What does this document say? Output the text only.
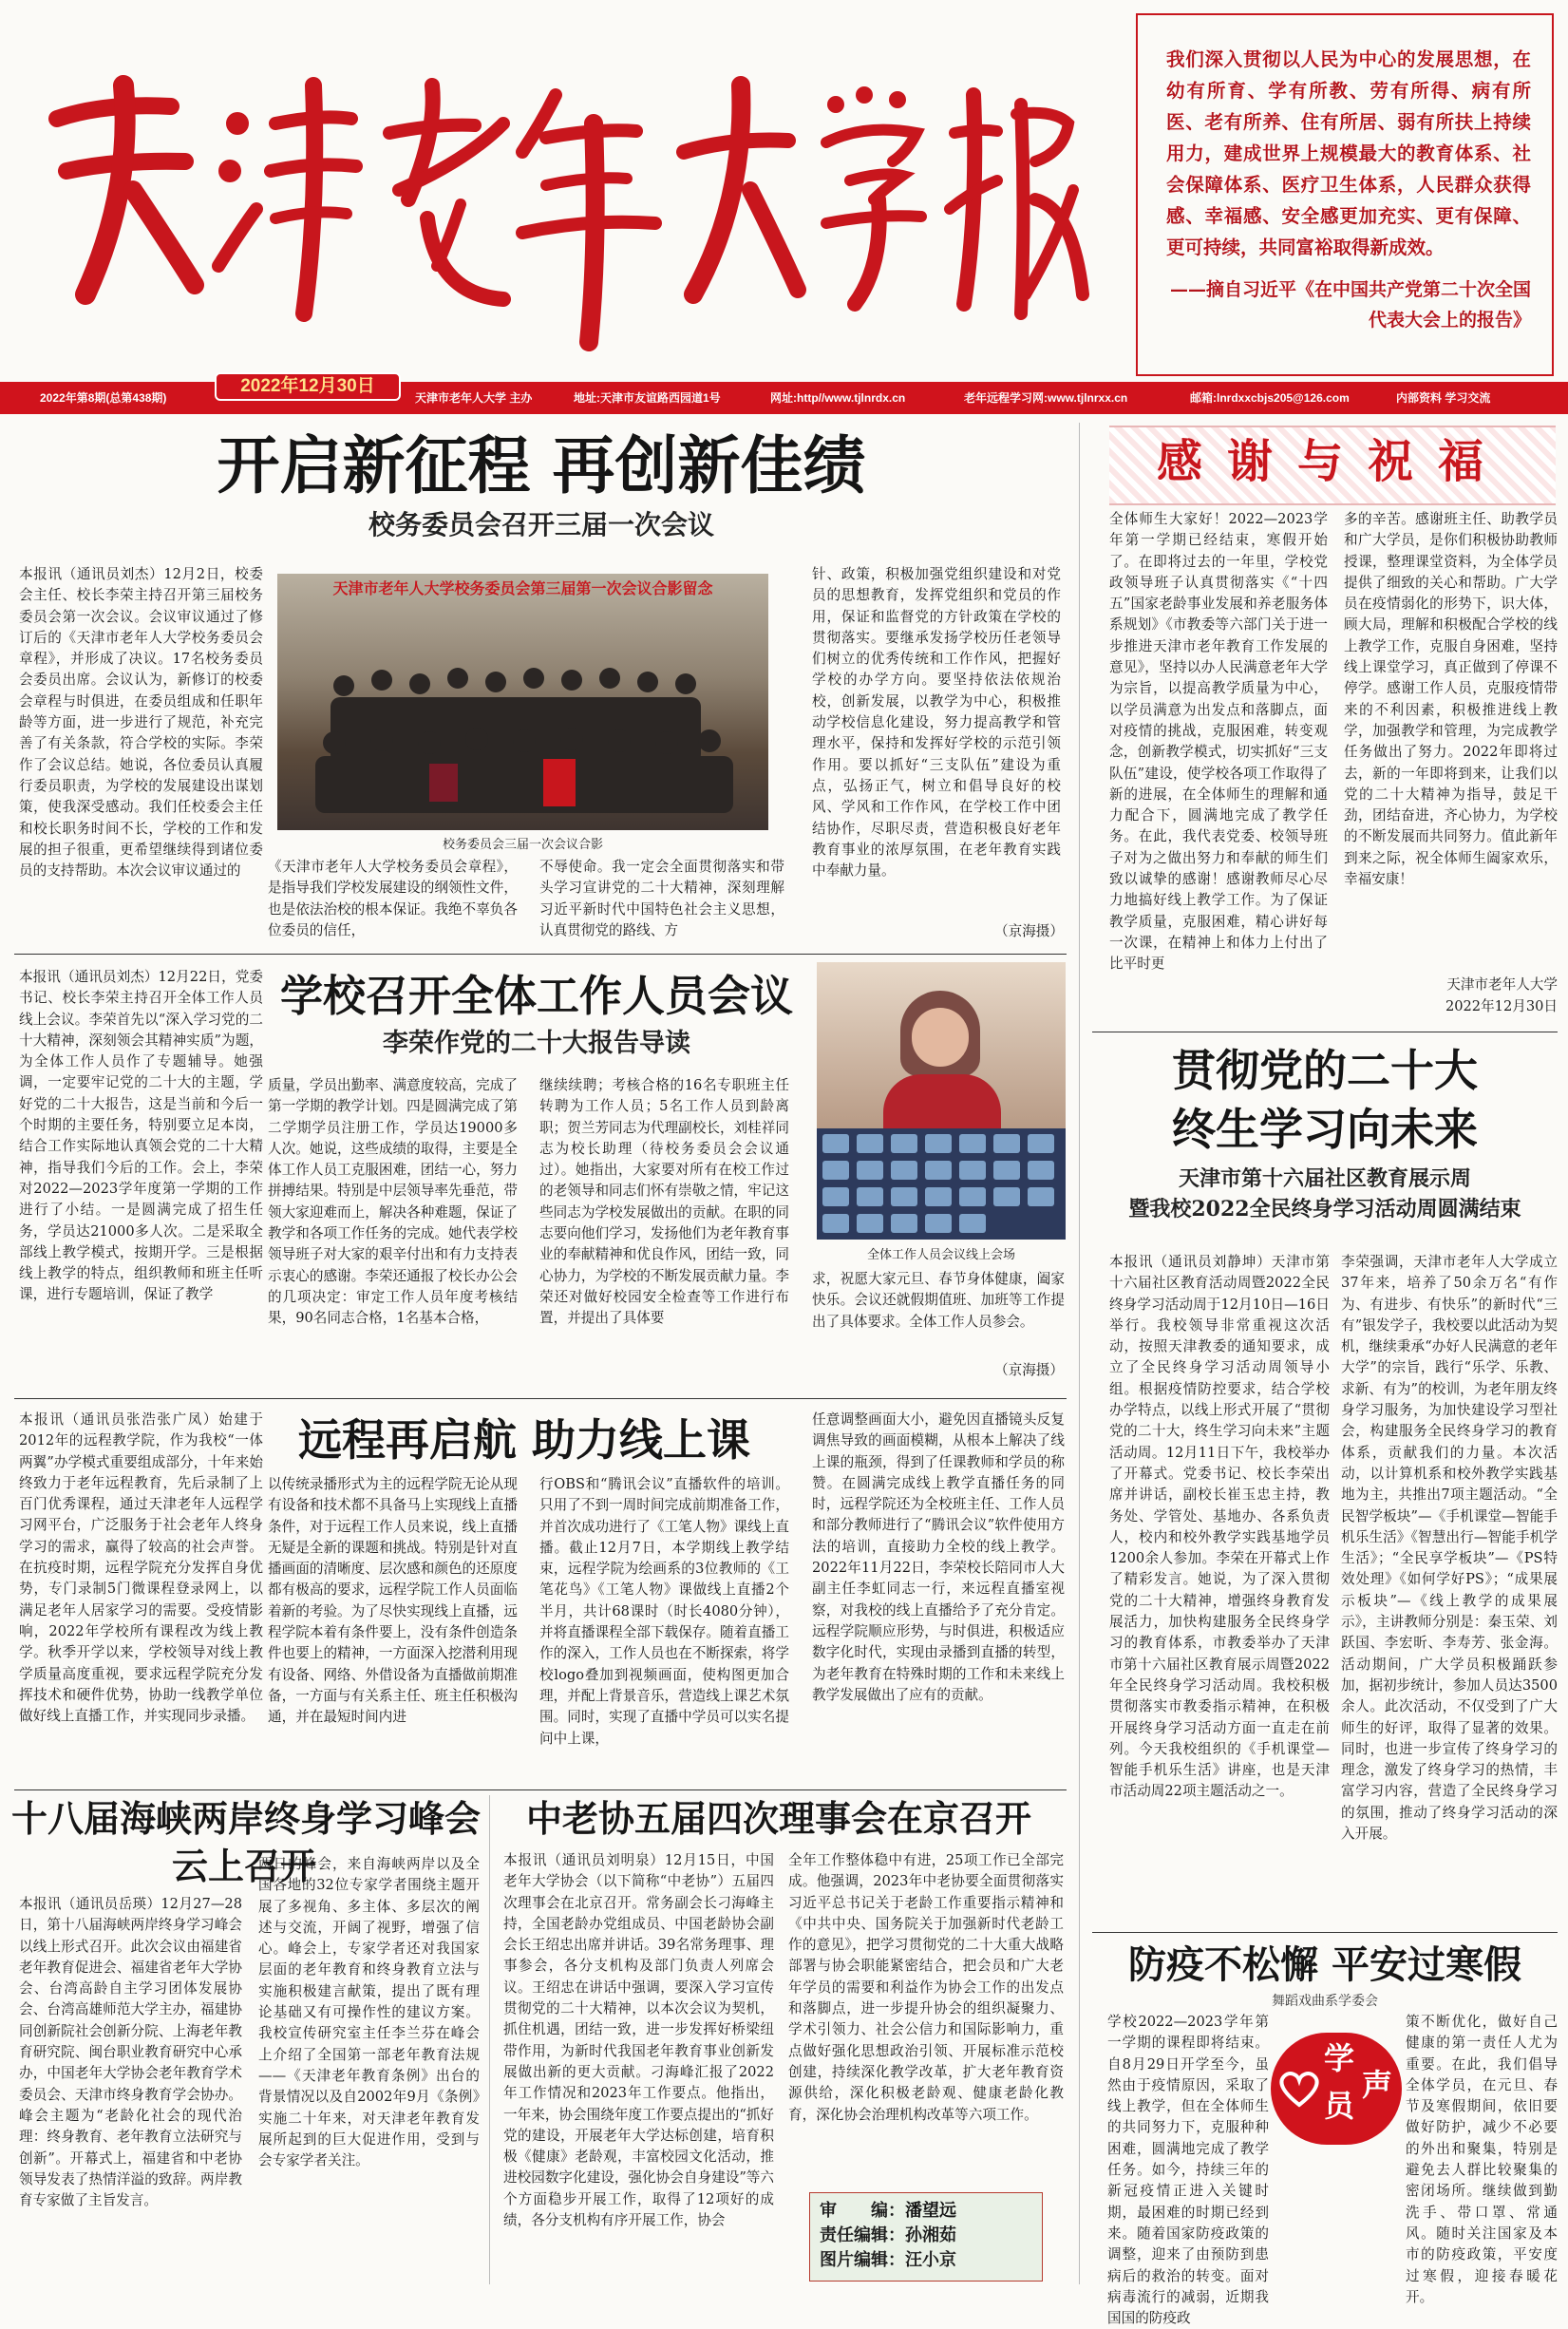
我们深入贯彻以人民为中心的发展思想，在幼有所育、学有所教、劳有所得、病有所医、老有所养、住有所居、弱有所扶上持续用力，建成世界上规模最大的教育体系、社会保障体系、医疗卫生体系，人民群众获得感、幸福感、安全感更加充实、更有保障、更可持续，共同富裕取得新成效。

——摘自习近平《在中国共产党第二十次全国代表大会上的报告》

2022年第8期(总第438期)	天津市老年人大学 主办	地址:天津市友谊路西园道1号	网址:http//www.tjlnrdx.cn	老年远程学习网:www.tjlnrxx.cn	邮箱:lnrdxxcbjs205@126.com	内部资料 学习交流
2022年12月30日
开启新征程 再创新佳绩
校务委员会召开三届一次会议
本报讯（通讯员刘杰）12月2日，校委会主任、校长李荣主持召开第三届校务委员会第一次会议。会议审议通过了修订后的《天津市老年人大学校务委员会章程》，并形成了决议。17名校务委员会委员出席。会议认为，新修订的校委会章程与时俱进，在委员组成和任职年龄等方面，进一步进行了规范，补充完善了有关条款，符合学校的实际。李荣作了会议总结。她说，各位委员认真履行委员职责，为学校的发展建设出谋划策，使我深受感动。我们任校委会主任和校长职务时间不长，学校的工作和发展的担子很重，更希望继续得到诸位委员的支持帮助。本次会议审议通过的
天津市老年人大学校务委员会第三届第一次会议合影留念
校务委员会三届一次会议合影
《天津市老年人大学校务委员会章程》，是指导我们学校发展建设的纲领性文件，也是依法治校的根本保证。我绝不辜负各位委员的信任，
不辱使命。我一定会全面贯彻落实和带头学习宣讲党的二十大精神，深刻理解习近平新时代中国特色社会主义思想，认真贯彻党的路线、方
针、政策，积极加强党组织建设和对党员的思想教育，发挥党组织和党员的作用，保证和监督党的方针政策在学校的贯彻落实。要继承发扬学校历任老领导们树立的优秀传统和工作作风，把握好学校的办学方向。要坚持依法依规治校，创新发展，以教学为中心，积极推动学校信息化建设，努力提高教学和管理水平，保持和发挥好学校的示范引领作用。要以抓好“三支队伍”建设为重点，弘扬正气，树立和倡导良好的校风、学风和工作作风，在学校工作中团结协作，尽职尽责，营造积极良好老年教育事业的浓厚氛围，在老年教育实践中奉献力量。
（京海摄）
本报讯（通讯员刘杰）12月22日，党委书记、校长李荣主持召开全体工作人员线上会议。李荣首先以“深入学习党的二十大精神，深刻领会其精神实质”为题，为全体工作人员作了专题辅导。她强调，一定要牢记党的二十大的主题，学好党的二十大报告，这是当前和今后一个时期的主要任务，特别要立足本岗，结合工作实际地认真领会党的二十大精神，指导我们今后的工作。会上，李荣对2022—2023学年度第一学期的工作进行了小结。一是圆满完成了招生任务，学员达21000多人次。二是采取全部线上教学模式，按期开学。三是根据线上教学的特点，组织教师和班主任听课，进行专题培训，保证了教学
学校召开全体工作人员会议
李荣作党的二十大报告导读
质量，学员出勤率、满意度较高，完成了第一学期的教学计划。四是圆满完成了第二学期学员注册工作，学员达19000多人次。她说，这些成绩的取得，主要是全体工作人员工克服困难，团结一心，努力拼搏结果。特别是中层领导率先垂范，带领大家迎难而上，解决各种难题，保证了教学和各项工作任务的完成。她代表学校领导班子对大家的艰辛付出和有力支持表示衷心的感谢。李荣还通报了校长办公会的几项决定：审定工作人员年度考核结果，90名同志合格，1名基本合格，
继续续聘；考核合格的16名专职班主任转聘为工作人员；5名工作人员到龄离职；贺兰芳同志为代理副校长，刘桂祥同志为校长助理（待校务委员会会议通过）。她指出，大家要对所有在校工作过的老领导和同志们怀有崇敬之情，牢记这些同志为学校发展做出的贡献。在职的同志要向他们学习，发扬他们为老年教育事业的奉献精神和优良作风，团结一致，同心协力，为学校的不断发展贡献力量。李荣还对做好校园安全检查等工作进行布置，并提出了具体要
全体工作人员会议线上会场
求，祝愿大家元旦、春节身体健康，阖家快乐。会议还就假期值班、加班等工作提出了具体要求。全体工作人员参会。
（京海摄）
本报讯（通讯员张浩张广凤）始建于2012年的远程教学院，作为我校“一体两翼”办学模式重要组成部分，十年来始终致力于老年远程教育，先后录制了上百门优秀课程，通过天津老年人远程学习网平台，广泛服务于社会老年人终身学习的需求，赢得了较高的社会声誉。在抗疫时期，远程学院充分发挥自身优势，专门录制5门微课程登录网上，以满足老年人居家学习的需要。受疫情影响，2022年学校所有课程改为线上教学。秋季开学以来，学校领导对线上教学质量高度重视，要求远程学院充分发挥技术和硬件优势，协助一线教学单位做好线上直播工作，并实现同步录播。
远程再启航 助力线上课
以传统录播形式为主的远程学院无论从现有设备和技术都不具备马上实现线上直播条件，对于远程工作人员来说，线上直播无疑是全新的课题和挑战。特别是针对直播画面的清晰度、层次感和颜色的还原度都有极高的要求，远程学院工作人员面临着新的考验。为了尽快实现线上直播，远程学院本着有条件要上，没有条件创造条件也要上的精神，一方面深入挖潜利用现有设备、网络、外借设备为直播做前期准备，一方面与有关系主任、班主任积极沟通，并在最短时间内进
行OBS和“腾讯会议”直播软件的培训。只用了不到一周时间完成前期准备工作，并首次成功进行了《工笔人物》课线上直播。截止12月7日，本学期线上教学结束，远程学院为绘画系的3位教师的《工笔花鸟》《工笔人物》课做线上直播2个半月，共计68课时（时长4080分钟），并将直播课程全部下载保存。随着直播工作的深入，工作人员也在不断探索，将学校logo叠加到视频画面，使构图更加合理，并配上背景音乐，营造线上课艺术氛围。同时，实现了直播中学员可以实名提问中上课，
任意调整画面大小，避免因直播镜头反复调焦导致的画面模糊，从根本上解决了线上课的瓶颈，得到了任课教师和学员的称赞。在圆满完成线上教学直播任务的同时，远程学院还为全校班主任、工作人员和部分教师进行了“腾讯会议”软件使用方法的培训，直接助力全校的线上教学。2022年11月22日，李荣校长陪同市人大副主任李虹同志一行，来远程直播室视察，对我校的线上直播给予了充分肯定。远程学院顺应形势，与时俱进，积极适应数字化时代，实现由录播到直播的转型，为老年教育在特殊时期的工作和未来线上教学发展做出了应有的贡献。
十八届海峡两岸终身学习峰会
云上召开
本报讯（通讯员岳瑛）12月27—28日，第十八届海峡两岸终身学习峰会以线上形式召开。此次会议由福建省老年教育促进会、福建省老年大学协会、台湾高龄自主学习团体发展协会、台湾高雄师范大学主办，福建协同创新院社会创新分院、上海老年教育研究院、闽台职业教育研究中心承办，中国老年大学协会老年教育学术委员会、天津市终身教育学会协办。峰会主题为“老龄化社会的现代治理：终身教育、老年教育立法研究与创新”。开幕式上，福建省和中老协领导发表了热情洋溢的致辞。两岸教育专家做了主旨发言。
两日的峰会，来自海峡两岸以及全国各地的32位专家学者围绕主题开展了多视角、多主体、多层次的阐述与交流，开阔了视野，增强了信心。峰会上，专家学者还对我国家层面的老年教育和终身教育立法与实施积极建言献策，提出了既有理论基础又有可操作性的建议方案。我校宣传研究室主任李兰芬在峰会上介绍了全国第一部老年教育法规——《天津老年教育条例》出台的背景情况以及自2002年9月《条例》实施二十年来，对天津老年教育发展所起到的巨大促进作用，受到与会专家学者关注。
中老协五届四次理事会在京召开
本报讯（通讯员刘明泉）12月15日，中国老年大学协会（以下简称“中老协”）五届四次理事会在北京召开。常务副会长刁海峰主持，全国老龄办党组成员、中国老龄协会副会长王绍忠出席并讲话。39名常务理事、理事参会，各分支机构及部门负责人列席会议。王绍忠在讲话中强调，要深入学习宣传贯彻党的二十大精神，以本次会议为契机，抓住机遇，团结一致，进一步发挥好桥梁纽带作用，为新时代我国老年教育事业创新发展做出新的更大贡献。刁海峰汇报了2022年工作情况和2023年工作要点。他指出，一年来，协会围绕年度工作要点提出的“抓好党的建设，开展老年大学达标创建，培育积极《健康》老龄观，丰富校园文化活动，推进校园数字化建设，强化协会自身建设”等六个方面稳步开展工作，取得了12项好的成绩，各分支机构有序开展工作，协会
全年工作整体稳中有进，25项工作已全部完成。他强调，2023年中老协要全面贯彻落实习近平总书记关于老龄工作重要指示精神和《中共中央、国务院关于加强新时代老龄工作的意见》，把学习贯彻党的二十大重大战略部署与协会职能紧密结合，把会员和广大老年学员的需要和利益作为协会工作的出发点和落脚点，进一步提升协会的组织凝聚力、学术引领力、社会公信力和国际影响力，重点做好强化思想政治引领、开展标准示范校创建，持续深化教学改革，扩大老年教育资源供给，深化积极老龄观、健康老龄化教育，深化协会治理机构改革等六项工作。
审　　编：潘望远
责任编辑：孙湘茹
图片编辑：汪小京
感谢与祝福
全体师生大家好！2022—2023学年第一学期已经结束，寒假开始了。在即将过去的一年里，学校党政领导班子认真贯彻落实《“十四五”国家老龄事业发展和养老服务体系规划》《市教委等六部门关于进一步推进天津市老年教育工作发展的意见》，坚持以办人民满意老年大学为宗旨，以提高教学质量为中心，以学员满意为出发点和落脚点，面对疫情的挑战，克服困难，转变观念，创新教学模式，切实抓好“三支队伍”建设，使学校各项工作取得了新的进展，在全体师生的理解和通力配合下，圆满地完成了教学任务。在此，我代表党委、校领导班子对为之做出努力和奉献的师生们致以诚挚的感谢！感谢教师尽心尽力地搞好线上教学工作。为了保证教学质量，克服困难，精心讲好每一次课，在精神上和体力上付出了比平时更
多的辛苦。感谢班主任、助教学员和广大学员，是你们积极协助教师授课，整理课堂资料，为全体学员提供了细致的关心和帮助。广大学员在疫情弱化的形势下，识大体，顾大局，理解和积极配合学校的线上教学工作，克服自身困难，坚持线上课堂学习，真正做到了停课不停学。感谢工作人员，克服疫情带来的不利因素，积极推进线上教学，加强教学和管理，为完成教学任务做出了努力。2022年即将过去，新的一年即将到来，让我们以党的二十大精神为指导，鼓足干劲，团结奋进，齐心协力，为学校的不断发展而共同努力。值此新年到来之际，祝全体师生阖家欢乐，幸福安康！
天津市老年人大学
2022年12月30日
贯彻党的二十大
终生学习向未来
天津市第十六届社区教育展示周
暨我校2022全民终身学习活动周圆满结束
本报讯（通讯员刘静坤）天津市第十六届社区教育活动周暨2022全民终身学习活动周于12月10日—16日举行。我校领导非常重视这次活动，按照天津教委的通知要求，成立了全民终身学习活动周领导小组。根据疫情防控要求，结合学校办学特点，以线上形式开展了“贯彻党的二十大，终生学习向未来”主题活动周。12月11日下午，我校举办了开幕式。党委书记、校长李荣出席并讲话，副校长崔玉忠主持，教务处、学管处、基地办、各系负责人，校内和校外教学实践基地学员1200余人参加。李荣在开幕式上作了精彩发言。她说，为了深入贯彻党的二十大精神，增强终身教育发展活力，加快构建服务全民终身学习的教育体系，市教委举办了天津市第十六届社区教育展示周暨2022年全民终身学习活动周。我校积极贯彻落实市教委指示精神，在积极开展终身学习活动方面一直走在前列。今天我校组织的《手机课堂—智能手机乐生活》讲座，也是天津市活动周22项主题活动之一。
李荣强调，天津市老年人大学成立37年来，培养了50余万名“有作为、有进步、有快乐”的新时代“三有”银发学子，我校要以此活动为契机，继续秉承“办好人民满意的老年大学”的宗旨，践行“乐学、乐教、求新、有为”的校训，为老年朋友终身学习服务，为加快建设学习型社会，构建服务全民终身学习的教育体系，贡献我们的力量。本次活动，以计算机系和校外教学实践基地为主，共推出7项主题活动。“全民智学板块”—《手机课堂—智能手机乐生活》《智慧出行—智能手机学生活》；“全民享学板块”—《PS特效处理》《如何学好PS》；“成果展示板块”—《线上教学的成果展示》，主讲教师分别是：秦玉荣、刘跃国、李宏昕、李寿芳、张金海。活动期间，广大学员积极踊跃参加，据初步统计，参加人员达3500余人。此次活动，不仅受到了广大师生的好评，取得了显著的效果。同时，也进一步宣传了终身学习的理念，激发了终身学习的热情，丰富学习内容，营造了全民终身学习的氛围，推动了终身学习活动的深入开展。
防疫不松懈 平安过寒假
舞蹈戏曲系学委会
学校2022—2023学年第一学期的课程即将结束。自8月29日开学至今，虽然由于疫情原因，采取了线上教学，但在全体师生的共同努力下，克服种种困难，圆满地完成了教学任务。如今，持续三年的新冠疫情正进入关键时期，最困难的时期已经到来。随着国家防疫政策的调整，迎来了由预防到患病后的救治的转变。面对病毒流行的减弱，近期我国国的防疫政
学
员
声
策不断优化，做好自己健康的第一责任人尤为重要。在此，我们倡导全体学员，在元旦、春节及寒假期间，依旧要做好防护，减少不必要的外出和聚集，特别是避免去人群比较聚集的密闭场所。继续做到勤洗手、带口罩、常通风。随时关注国家及本市的防疫政策，平安度过寒假，迎接春暖花开。
